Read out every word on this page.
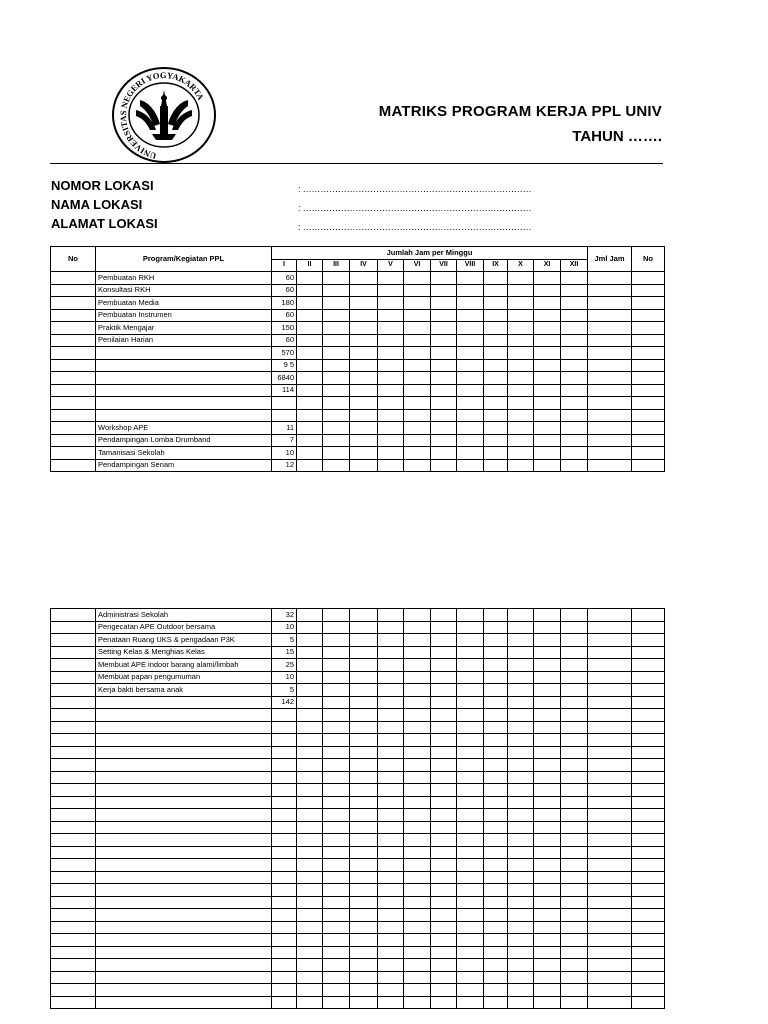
UNIVERSITAS NEGERI YOGYAKARTA
MATRIKS PROGRAM KERJA PPL UNIV
TAHUN …….
NOMOR LOKASI	: ……………………………………………………………………
NAMA LOKASI	: ……………………………………………………………………
ALAMAT LOKASI	: ……………………………………………………………………
No	Program/Kegiatan PPL	Jumlah Jam per Minggu												Jml Jam	No
		I	II	III	IV	V	VI	VII	VIII	IX	X	XI	XII		
	Pembuatan RKH	60													
	Konsultasi RKH	60													
	Pembuatan Media	180													
	Pembuatan Instrumen	60													
	Praktik Mengajar	150													
	Penilaian Harian	60													
		570													
		9 5													
		6840													
		114													

	Workshop APE	11													
	Pendampingan Lomba Drumband	7													
	Tamanisasi Sekolah	10													
	Pendampingan Senam	12													
	Administrasi Sekolah	32													
	Pengecatan APE Outdoor bersama	10													
	Penataan Ruang UKS & pengadaan P3K	5													
	Setting Kelas & Menghias Kelas	15													
	Membuat APE indoor barang alami/limbah	25													
	Membuat papan pengumuman	10													
	Kerja bakti bersama anak	5													
		142													
